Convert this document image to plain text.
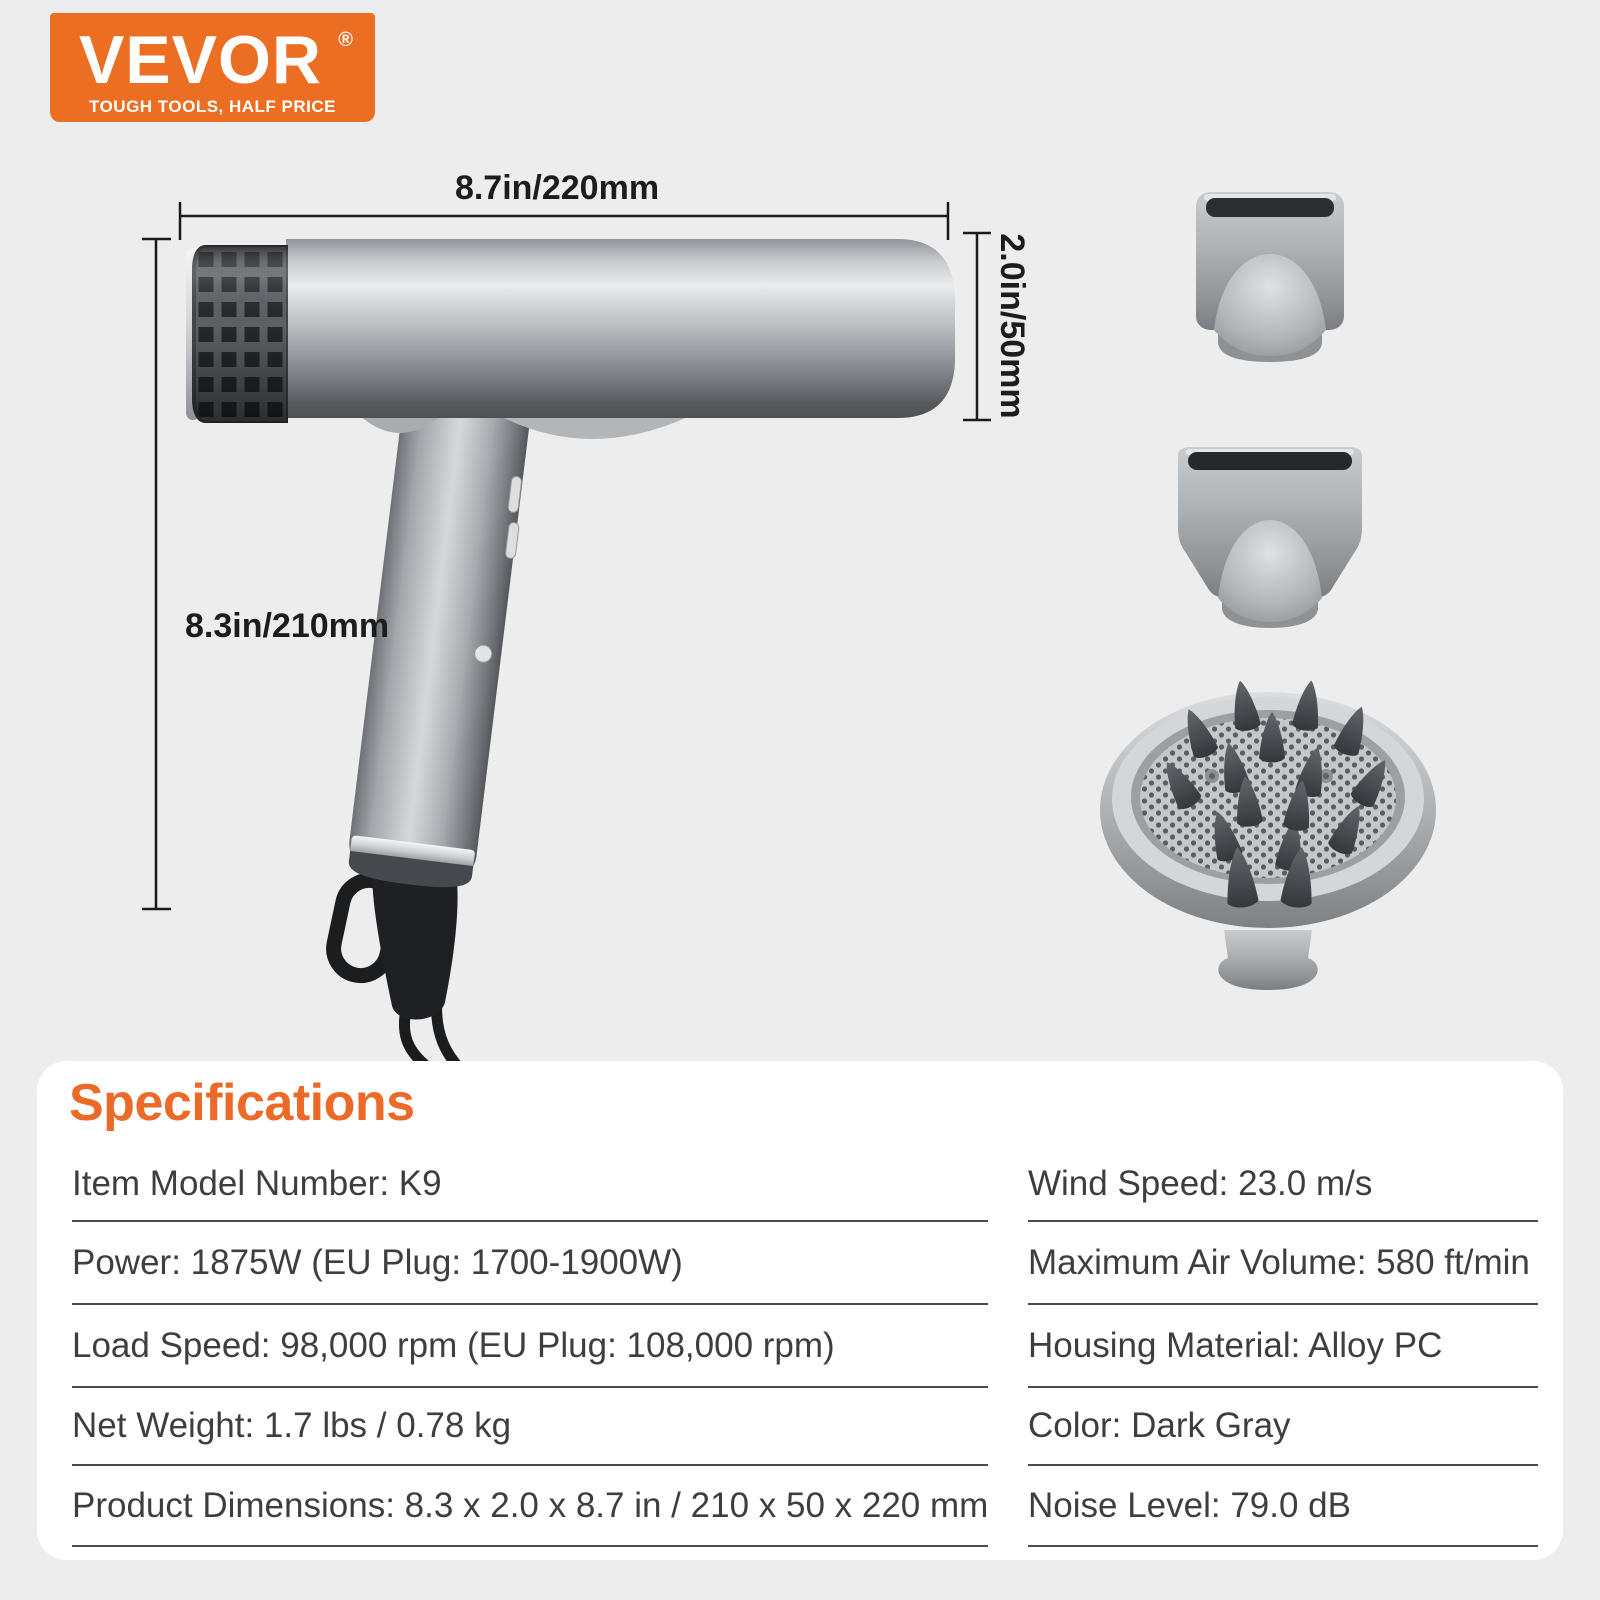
VEVOR ®
TOUGH TOOLS, HALF PRICE
8.7in/220mm
8.3in/210mm
2.0in/50mm
Specifications
Item Model Number: K9
Power: 1875W (EU Plug: 1700-1900W)
Load Speed: 98,000 rpm (EU Plug: 108,000 rpm)
Net Weight: 1.7 lbs / 0.78 kg
Product Dimensions: 8.3 x 2.0 x 8.7 in / 210 x 50 x 220 mm
Wind Speed: 23.0 m/s
Maximum Air Volume: 580 ft/min
Housing Material: Alloy PC
Color: Dark Gray
Noise Level: 79.0 dB
